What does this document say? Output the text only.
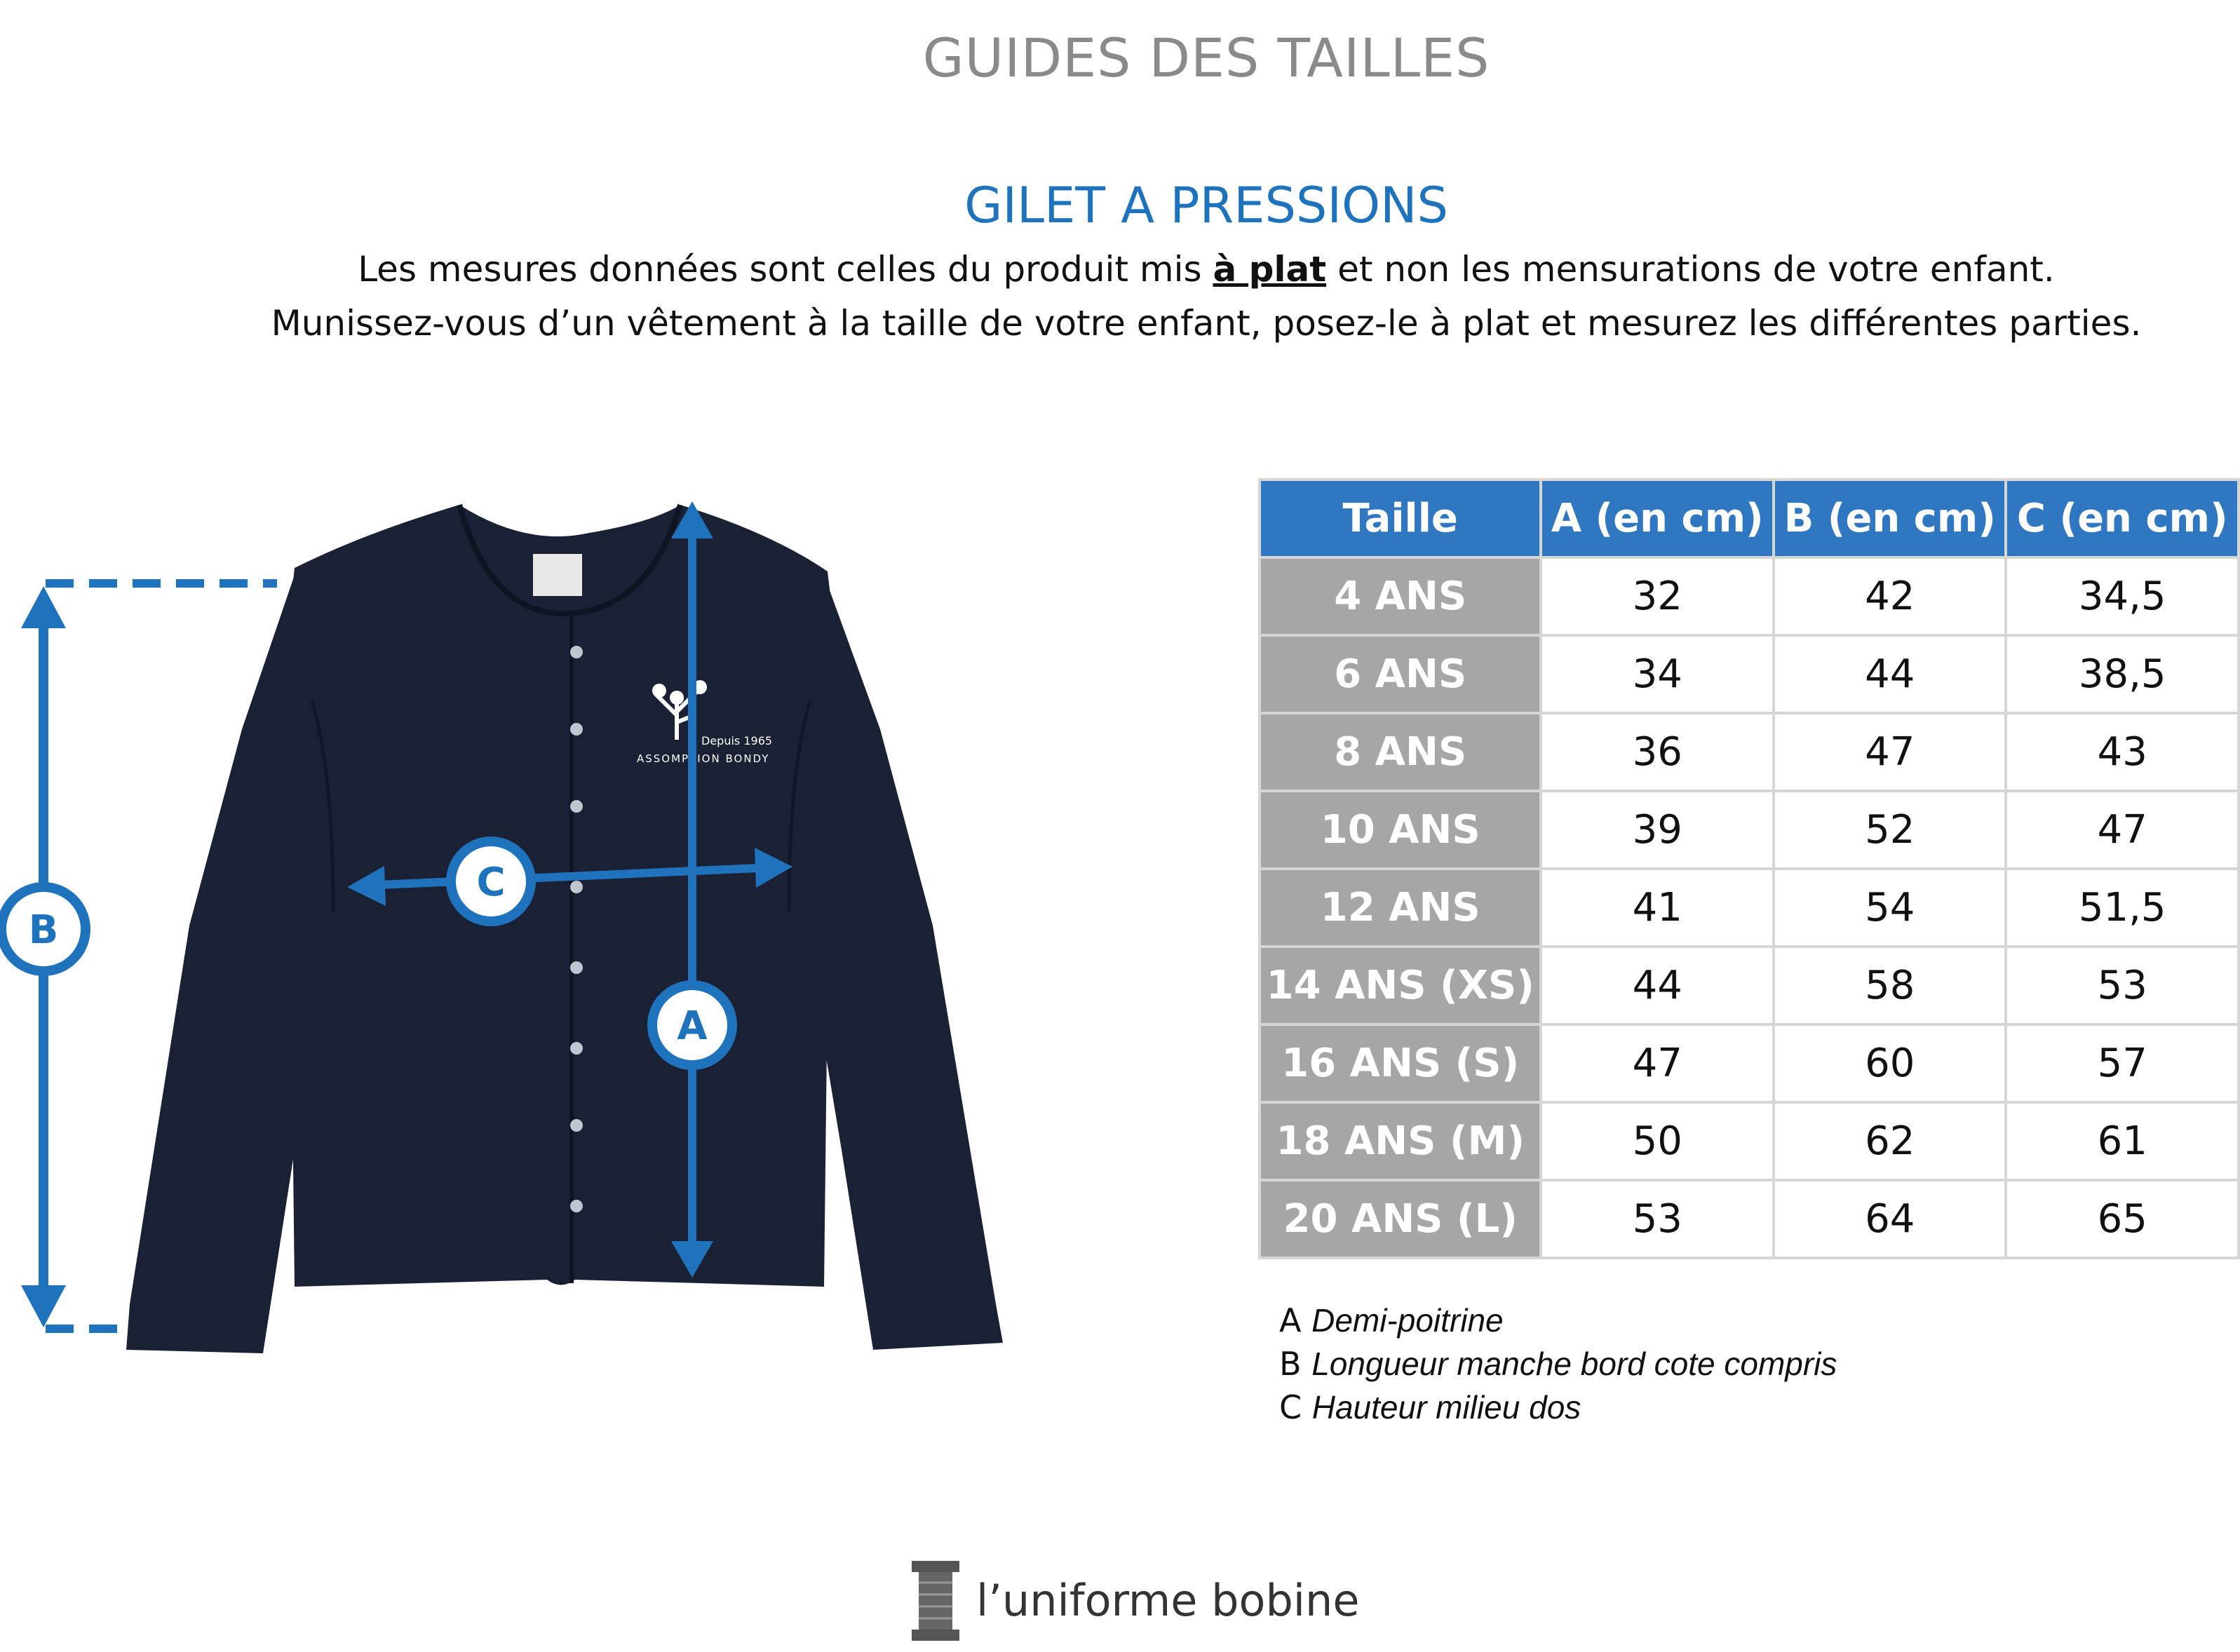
GUIDES DES TAILLES
GILET A PRESSIONS
Les mesures données sont celles du produit mis à plat et non les mensurations de votre enfant.
Munissez-vous d’un vêtement à la taille de votre enfant, posez-le à plat et mesurez les différentes parties.
Depuis 1965
ASSOMPTION BONDY
B
A
C
Taille	A (en cm)	B (en cm)	C (en cm)
4 ANS	32	42	34,5
6 ANS	34	44	38,5
8 ANS	36	47	43
10 ANS	39	52	47
12 ANS	41	54	51,5
14 ANS (XS)	44	58	53
16 ANS (S)	47	60	57
18 ANS (M)	50	62	61
20 ANS (L)	53	64	65
A Demi-poitrine
B Longueur manche bord cote compris
C Hauteur milieu dos
l’uniforme bobine
